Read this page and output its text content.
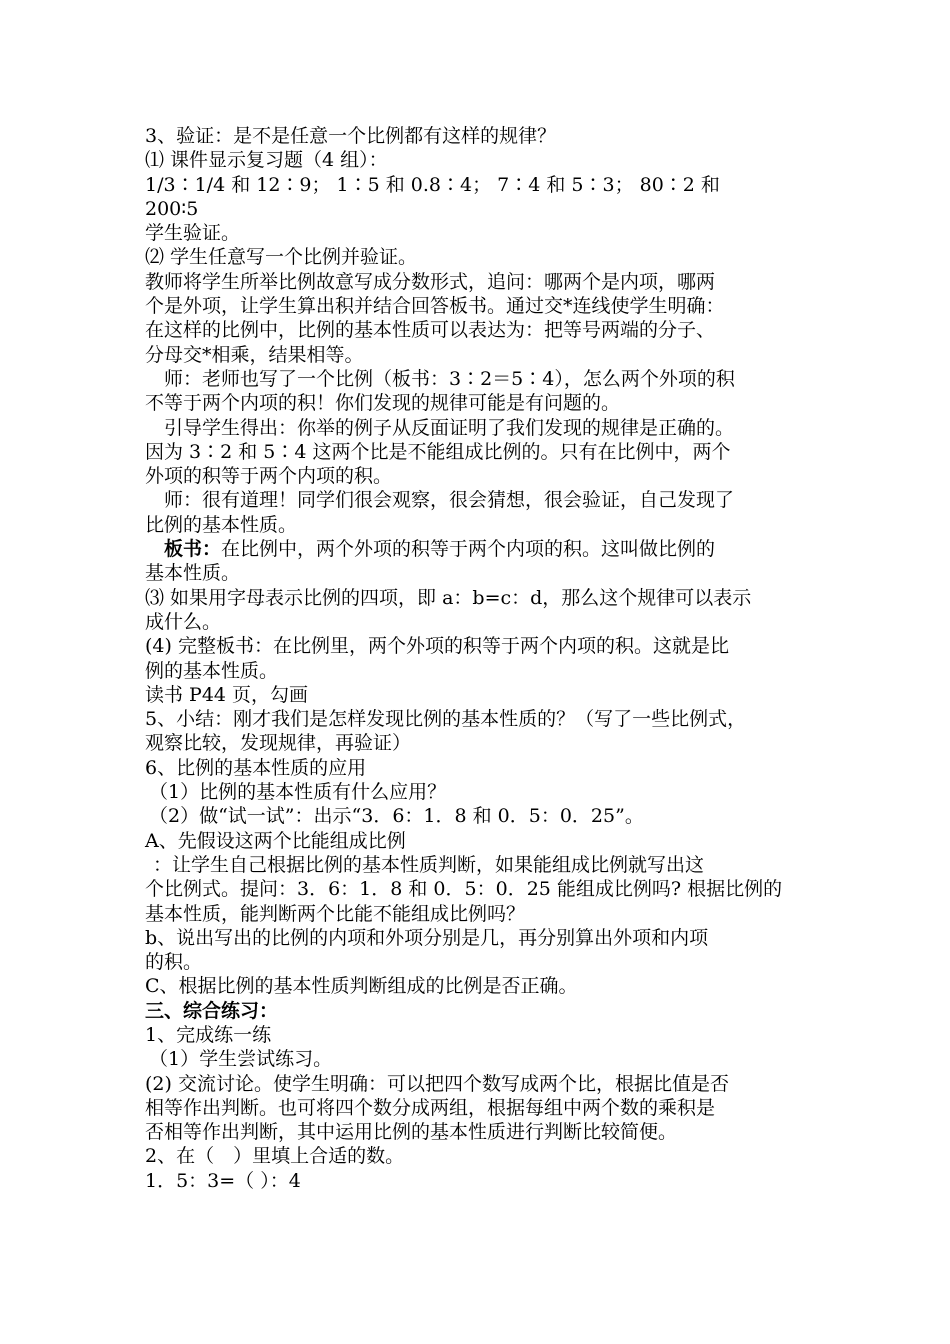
3、验证：是不是任意一个比例都有这样的规律？
⑴ 课件显示复习题（4 组）：
1/3∶1/4 和 12∶9； 1∶5 和 0.8∶4； 7∶4 和 5∶3； 80∶2 和
200∶5
学生验证。
⑵ 学生任意写一个比例并验证。
教师将学生所举比例故意写成分数形式，追问：哪两个是内项，哪两
个是外项，让学生算出积并结合回答板书。通过交*连线使学生明确：
在这样的比例中，比例的基本性质可以表达为：把等号两端的分子、
分母交*相乘，结果相等。
师：老师也写了一个比例（板书：3∶2＝5∶4），怎么两个外项的积
不等于两个内项的积！你们发现的规律可能是有问题的。
引导学生得出：你举的例子从反面证明了我们发现的规律是正确的。
因为 3∶2 和 5∶4 这两个比是不能组成比例的。只有在比例中，两个
外项的积等于两个内项的积。
师：很有道理！同学们很会观察，很会猜想，很会验证，自己发现了
比例的基本性质。
板书：在比例中，两个外项的积等于两个内项的积。这叫做比例的
基本性质。
⑶ 如果用字母表示比例的四项，即 a：b=c：d，那么这个规律可以表示
成什么。
(4) 完整板书：在比例里，两个外项的积等于两个内项的积。这就是比
例的基本性质。
读书 P44 页，勾画
5、小结：刚才我们是怎样发现比例的基本性质的？（写了一些比例式，
观察比较，发现规律，再验证）
6、比例的基本性质的应用
（1）比例的基本性质有什么应用？
（2）做“试一试”：出示“3．6：1．8 和 0．5：0．25”。
A、先假设这两个比能组成比例
：让学生自己根据比例的基本性质判断，如果能组成比例就写出这
个比例式。提问：3．6：1．8 和 0．5：0．25 能组成比例吗? 根据比例的
基本性质，能判断两个比能不能组成比例吗？
b、说出写出的比例的内项和外项分别是几，再分别算出外项和内项
的积。
C、根据比例的基本性质判断组成的比例是否正确。
三、综合练习：
1、完成练一练
（1）学生尝试练习。
(2) 交流讨论。使学生明确：可以把四个数写成两个比，根据比值是否
相等作出判断。也可将四个数分成两组，根据每组中两个数的乘积是
否相等作出判断，其中运用比例的基本性质进行判断比较简便。
2、在（　）里填上合适的数。
1．5：3=（ ）：4
